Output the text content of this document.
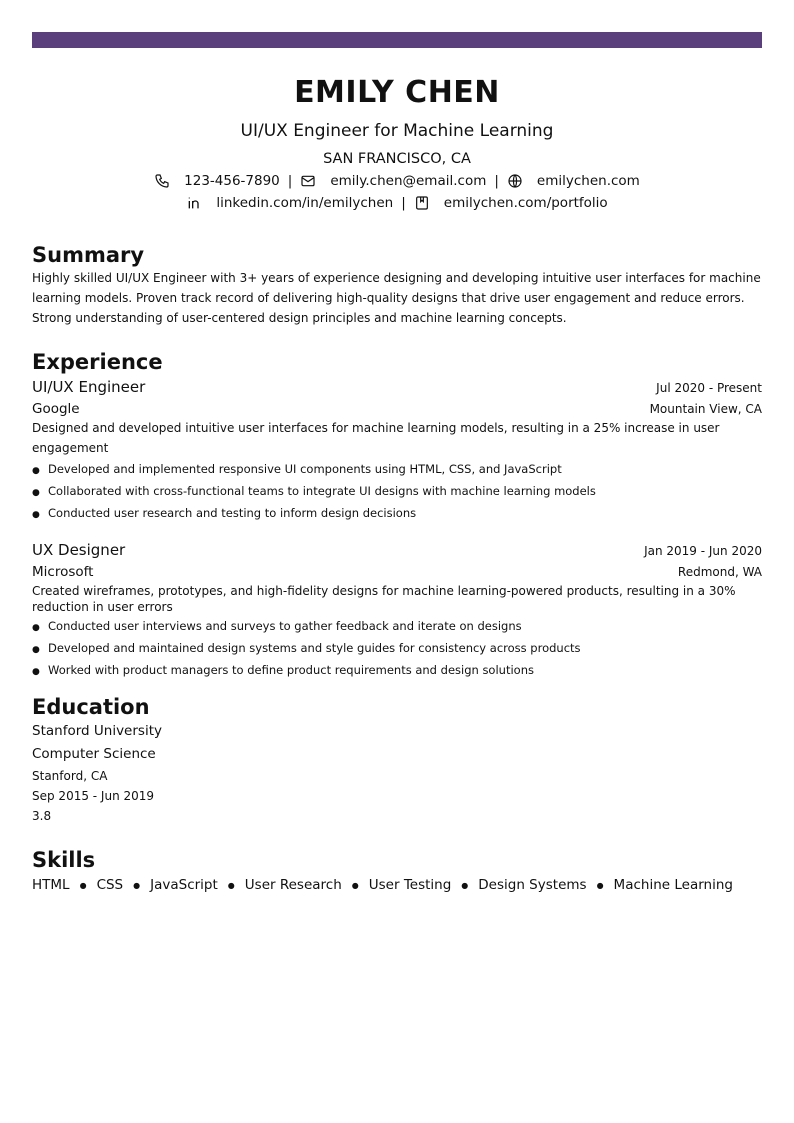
EMILY CHEN
UI/UX Engineer for Machine Learning
SAN FRANCISCO, CA
123-456-7890 |	emily.chen@email.com |	emilychen.com
linkedin.com/in/emilychen |	emilychen.com/portfolio
Summary
Highly skilled UI/UX Engineer with 3+ years of experience designing and developing intuitive user interfaces for machine learning models. Proven track record of delivering high-quality designs that drive user engagement and reduce errors. Strong understanding of user-centered design principles and machine learning concepts.
Experience
UI/UX Engineer	Jul 2020 - Present
Google	Mountain View, CA
Designed and developed intuitive user interfaces for machine learning models, resulting in a 25% increase in user engagement
● Developed and implemented responsive UI components using HTML, CSS, and JavaScript
● Collaborated with cross-functional teams to integrate UI designs with machine learning models
● Conducted user research and testing to inform design decisions
UX Designer	Jan 2019 - Jun 2020
Microsoft	Redmond, WA
Created wireframes, prototypes, and high-fidelity designs for machine learning-powered products, resulting in a 30% reduction in user errors
● Conducted user interviews and surveys to gather feedback and iterate on designs
● Developed and maintained design systems and style guides for consistency across products
● Worked with product managers to define product requirements and design solutions
Education
Stanford University
Computer Science
Stanford, CA
Sep 2015 - Jun 2019
3.8
Skills
HTML ● CSS ● JavaScript ● User Research ● User Testing ● Design Systems ● Machine Learning
